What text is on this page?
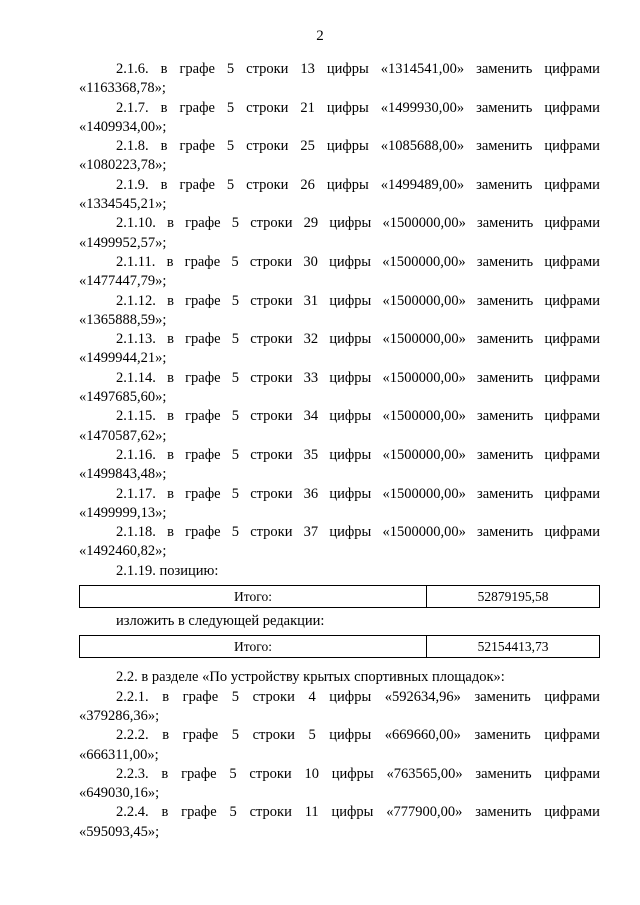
2
2.1.6. в графе 5 строки 13 цифры «1314541,00» заменить цифрами
«1163368,78»;
2.1.7. в графе 5 строки 21 цифры «1499930,00» заменить цифрами
«1409934,00»;
2.1.8. в графе 5 строки 25 цифры «1085688,00» заменить цифрами
«1080223,78»;
2.1.9. в графе 5 строки 26 цифры «1499489,00» заменить цифрами
«1334545,21»;
2.1.10. в графе 5 строки 29 цифры «1500000,00» заменить цифрами
«1499952,57»;
2.1.11. в графе 5 строки 30 цифры «1500000,00» заменить цифрами
«1477447,79»;
2.1.12. в графе 5 строки 31 цифры «1500000,00» заменить цифрами
«1365888,59»;
2.1.13. в графе 5 строки 32 цифры «1500000,00» заменить цифрами
«1499944,21»;
2.1.14. в графе 5 строки 33 цифры «1500000,00» заменить цифрами
«1497685,60»;
2.1.15. в графе 5 строки 34 цифры «1500000,00» заменить цифрами
«1470587,62»;
2.1.16. в графе 5 строки 35 цифры «1500000,00» заменить цифрами
«1499843,48»;
2.1.17. в графе 5 строки 36 цифры «1500000,00» заменить цифрами
«1499999,13»;
2.1.18. в графе 5 строки 37 цифры «1500000,00» заменить цифрами
«1492460,82»;
2.1.19. позицию:
Итого:	52879195,58
изложить в следующей редакции:
Итого:	52154413,73
2.2. в разделе «По устройству крытых спортивных площадок»:
2.2.1. в графе 5 строки 4 цифры «592634,96» заменить цифрами
«379286,36»;
2.2.2. в графе 5 строки 5 цифры «669660,00» заменить цифрами
«666311,00»;
2.2.3. в графе 5 строки 10 цифры «763565,00» заменить цифрами
«649030,16»;
2.2.4. в графе 5 строки 11 цифры «777900,00» заменить цифрами
«595093,45»;
